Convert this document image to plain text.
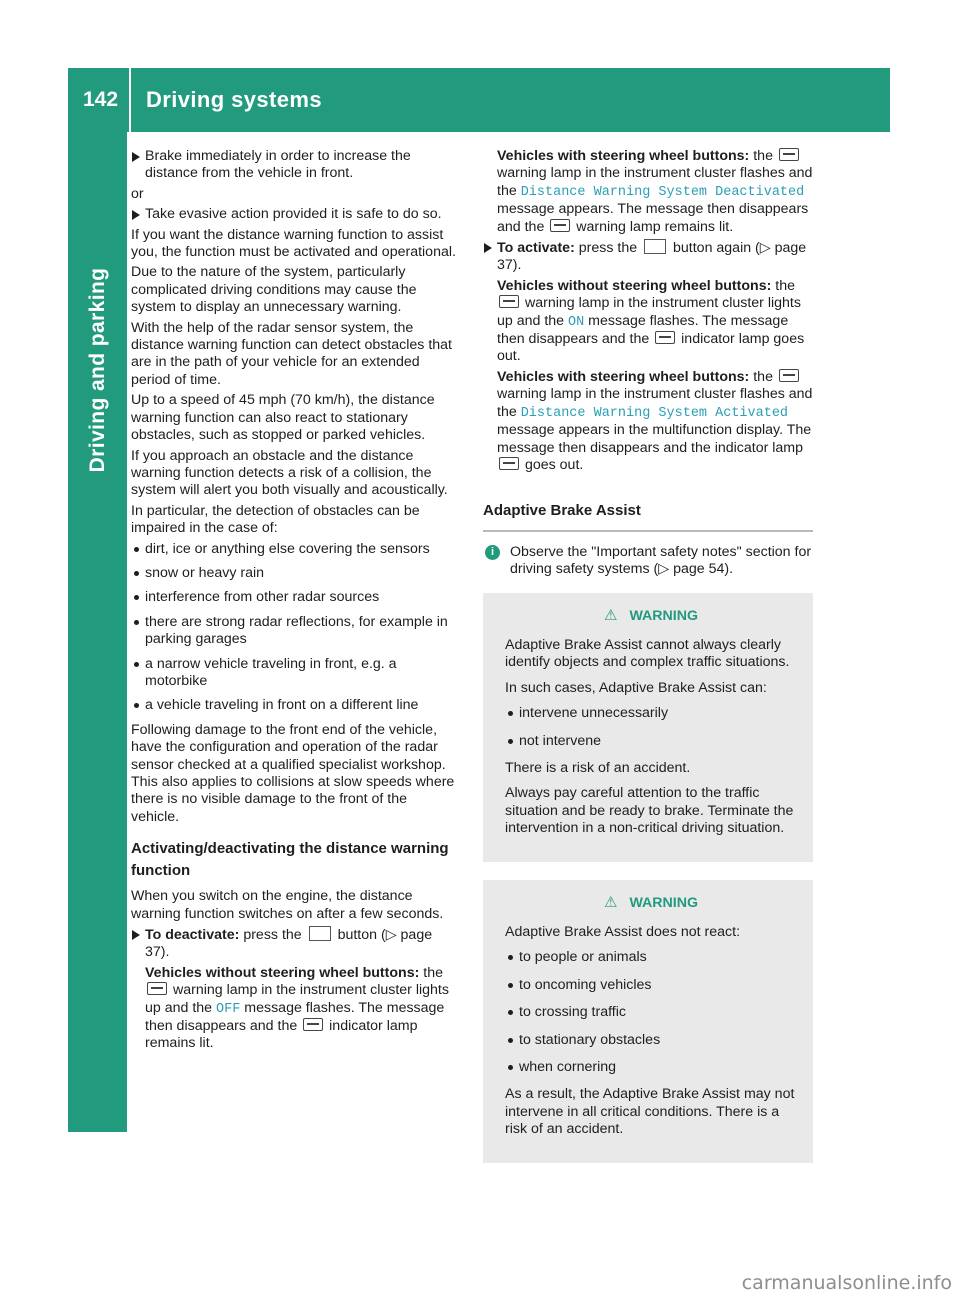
142	Driving systems
Driving and parking
Brake immediately in order to increase the distance from the vehicle in front.

or

Take evasive action provided it is safe to do so.

If you want the distance warning function to assist you, the function must be activated and operational.

Due to the nature of the system, particularly complicated driving conditions may cause the system to display an unnecessary warning.

With the help of the radar sensor system, the distance warning function can detect obstacles that are in the path of your vehicle for an extended period of time.

Up to a speed of 45 mph (70 km/h), the distance warning function can also react to stationary obstacles, such as stopped or parked vehicles.

If you approach an obstacle and the distance warning function detects a risk of a collision, the system will alert you both visually and acoustically.

In particular, the detection of obstacles can be impaired in the case of:

dirt, ice or anything else covering the sensors
snow or heavy rain
interference from other radar sources
there are strong radar reflections, for example in parking garages
a narrow vehicle traveling in front, e.g. a motorbike
a vehicle traveling in front on a different line

Following damage to the front end of the vehicle, have the configuration and operation of the radar sensor checked at a qualified specialist workshop. This also applies to collisions at slow speeds where there is no visible damage to the front of the vehicle.

Activating/deactivating the distance warning function

When you switch on the engine, the distance warning function switches on after a few seconds.

To deactivate: press the	button (▷ page 37).
Vehicles without steering wheel buttons: the  warning lamp in the instrument cluster lights up and the OFF message flashes. The message then disappears and the indicator lamp remains lit.
Vehicles with steering wheel buttons: the  warning lamp in the instrument cluster flashes and the Distance Warning System Deactivated message appears. The message then disappears and the warning lamp remains lit.
To activate: press the	button again (▷ page 37).
Vehicles without steering wheel buttons: the  warning lamp in the instrument cluster lights up and the ON message flashes. The message then disappears and the indicator lamp goes out.
Vehicles with steering wheel buttons: the  warning lamp in the instrument cluster flashes and the Distance Warning System Activated message appears in the multifunction display. The message then disappears and the indicator lamp  goes out.
Adaptive Brake Assist
i	Observe the "Important safety notes" section for driving safety systems (▷ page 54).
⚠ WARNING

Adaptive Brake Assist cannot always clearly identify objects and complex traffic situations.

In such cases, Adaptive Brake Assist can:

intervene unnecessarily
not intervene

There is a risk of an accident.

Always pay careful attention to the traffic situation and be ready to brake. Terminate the intervention in a non-critical driving situation.

⚠ WARNING

Adaptive Brake Assist does not react:

to people or animals
to oncoming vehicles
to crossing traffic
to stationary obstacles
when cornering

As a result, the Adaptive Brake Assist may not intervene in all critical conditions. There is a risk of an accident.

carmanualsonline.info
